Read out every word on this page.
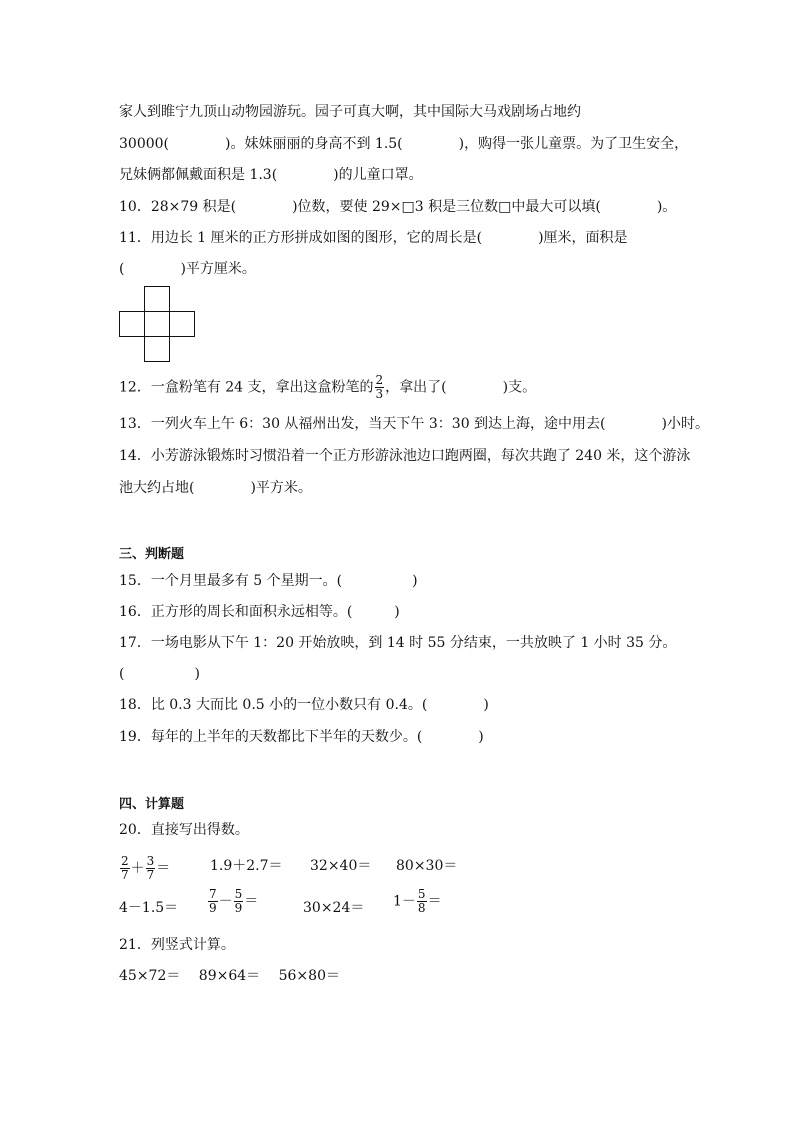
家人到睢宁九顶山动物园游玩。园子可真大啊，其中国际大马戏剧场占地约
30000(　　　　)。妹妹丽丽的身高不到 1.5(　　　　)，购得一张儿童票。为了卫生安全，
兄妹俩都佩戴面积是 1.3(　　　　)的儿童口罩。
10．28×79 积是(　　　　)位数，要使 29×□3 积是三位数□中最大可以填(　　　　)。
11．用边长 1 厘米的正方形拼成如图的图形，它的周长是(　　　　)厘米，面积是
(　　　　)平方厘米。
12．一盒粉笔有 24 支，拿出这盒粉笔的 $\frac{2}{3}$ ，拿出了(　　　　)支。
13．一列火车上午 6：30 从福州出发，当天下午 3：30 到达上海，途中用去(　　　　)小时。
14．小芳游泳锻炼时习惯沿着一个正方形游泳池边口跑两圈，每次共跑了 240 米，这个游泳
池大约占地(　　　　)平方米。
三、判断题
15．一个月里最多有 5 个星期一。(　　　　　)
16．正方形的周长和面积永远相等。(　　　)
17．一场电影从下午 1：20 开始放映，到 14 时 55 分结束，一共放映了 1 小时 35 分。
(　　　　　)
18．比 0.3 大而比 0.5 小的一位小数只有 0.4。(　　　　)
19．每年的上半年的天数都比下半年的天数少。(　　　　)
四、计算题
20．直接写出得数。
$\frac{2}{7} + \frac{3}{7}$ ＝	1.9＋2.7＝ 32×40＝ 80×30＝
$4-1.5= \frac{7}{9} - \frac{5}{9}$ ＝	$30\times 24= 1- \frac{5}{8}$ ＝
21．列竖式计算。
45×72＝　 89×64＝　 56×80＝
